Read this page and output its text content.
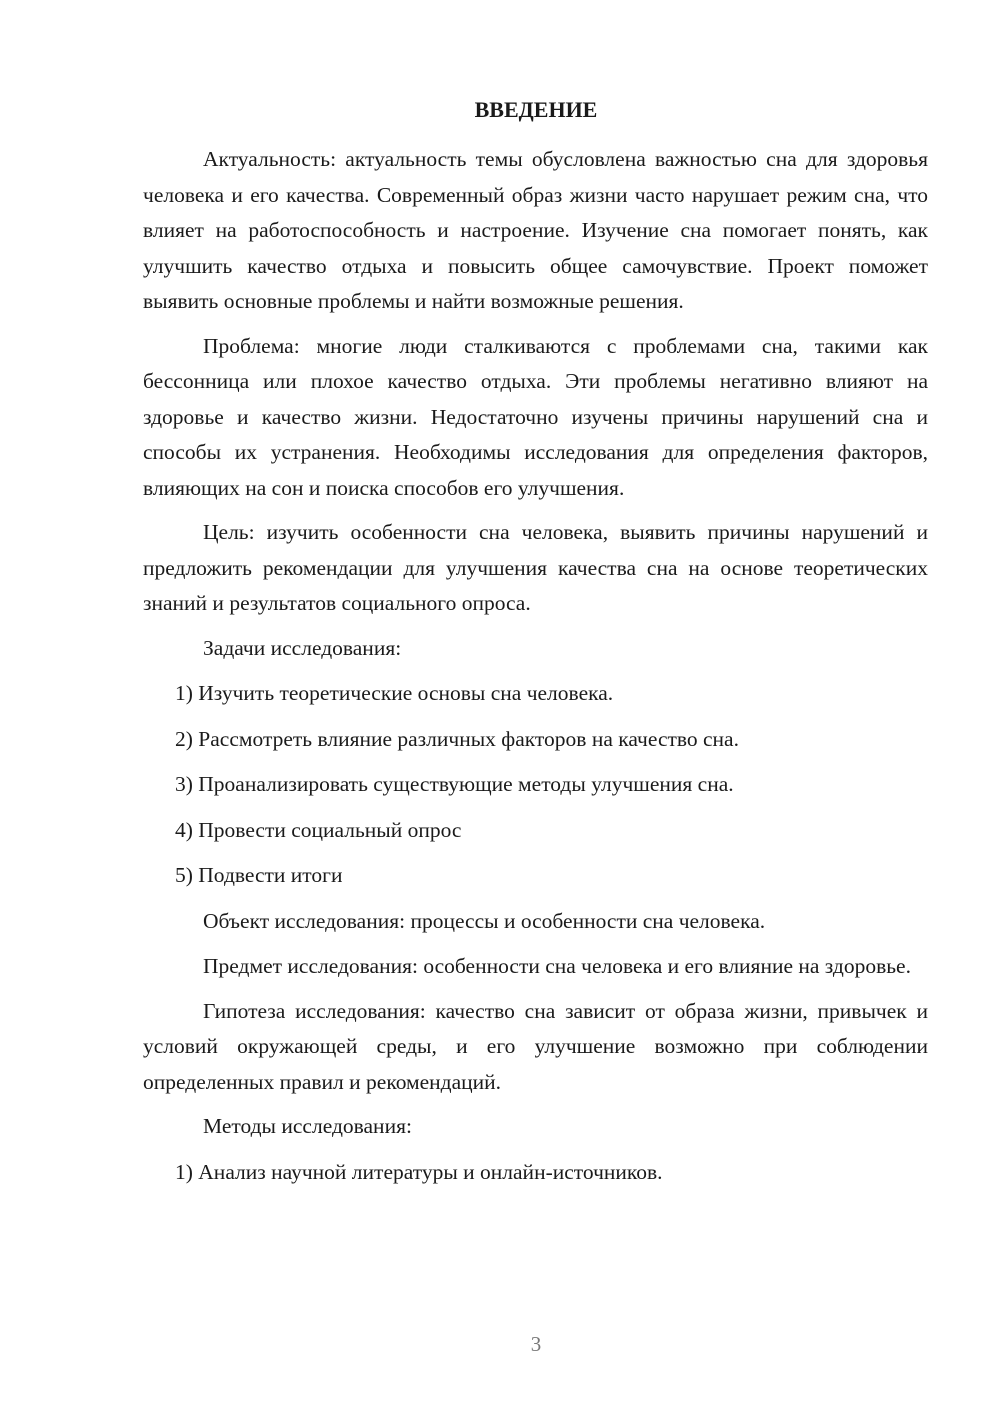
ВВЕДЕНИЕ

Актуальность: актуальность темы обусловлена важностью сна для здоровья человека и его качества. Современный образ жизни часто нарушает режим сна, что влияет на работоспособность и настроение. Изучение сна помогает понять, как улучшить качество отдыха и повысить общее самочувствие. Проект поможет выявить основные проблемы и найти возможные решения.

Проблема: многие люди сталкиваются с проблемами сна, такими как бессонница или плохое качество отдыха. Эти проблемы негативно влияют на здоровье и качество жизни. Недостаточно изучены причины нарушений сна и способы их устранения. Необходимы исследования для определения факторов, влияющих на сон и поиска способов его улучшения.

Цель: изучить особенности сна человека, выявить причины нарушений и предложить рекомендации для улучшения качества сна на основе теоретических знаний и результатов социального опроса.

Задачи исследования:

1) Изучить теоретические основы сна человека.

2) Рассмотреть влияние различных факторов на качество сна.

3) Проанализировать существующие методы улучшения сна.

4) Провести социальный опрос

5) Подвести итоги

Объект исследования: процессы и особенности сна человека.

Предмет исследования: особенности сна человека и его влияние на здоровье.

Гипотеза исследования: качество сна зависит от образа жизни, привычек и условий окружающей среды, и его улучшение возможно при соблюдении определенных правил и рекомендаций.

Методы исследования:

1) Анализ научной литературы и онлайн-источников.

3
